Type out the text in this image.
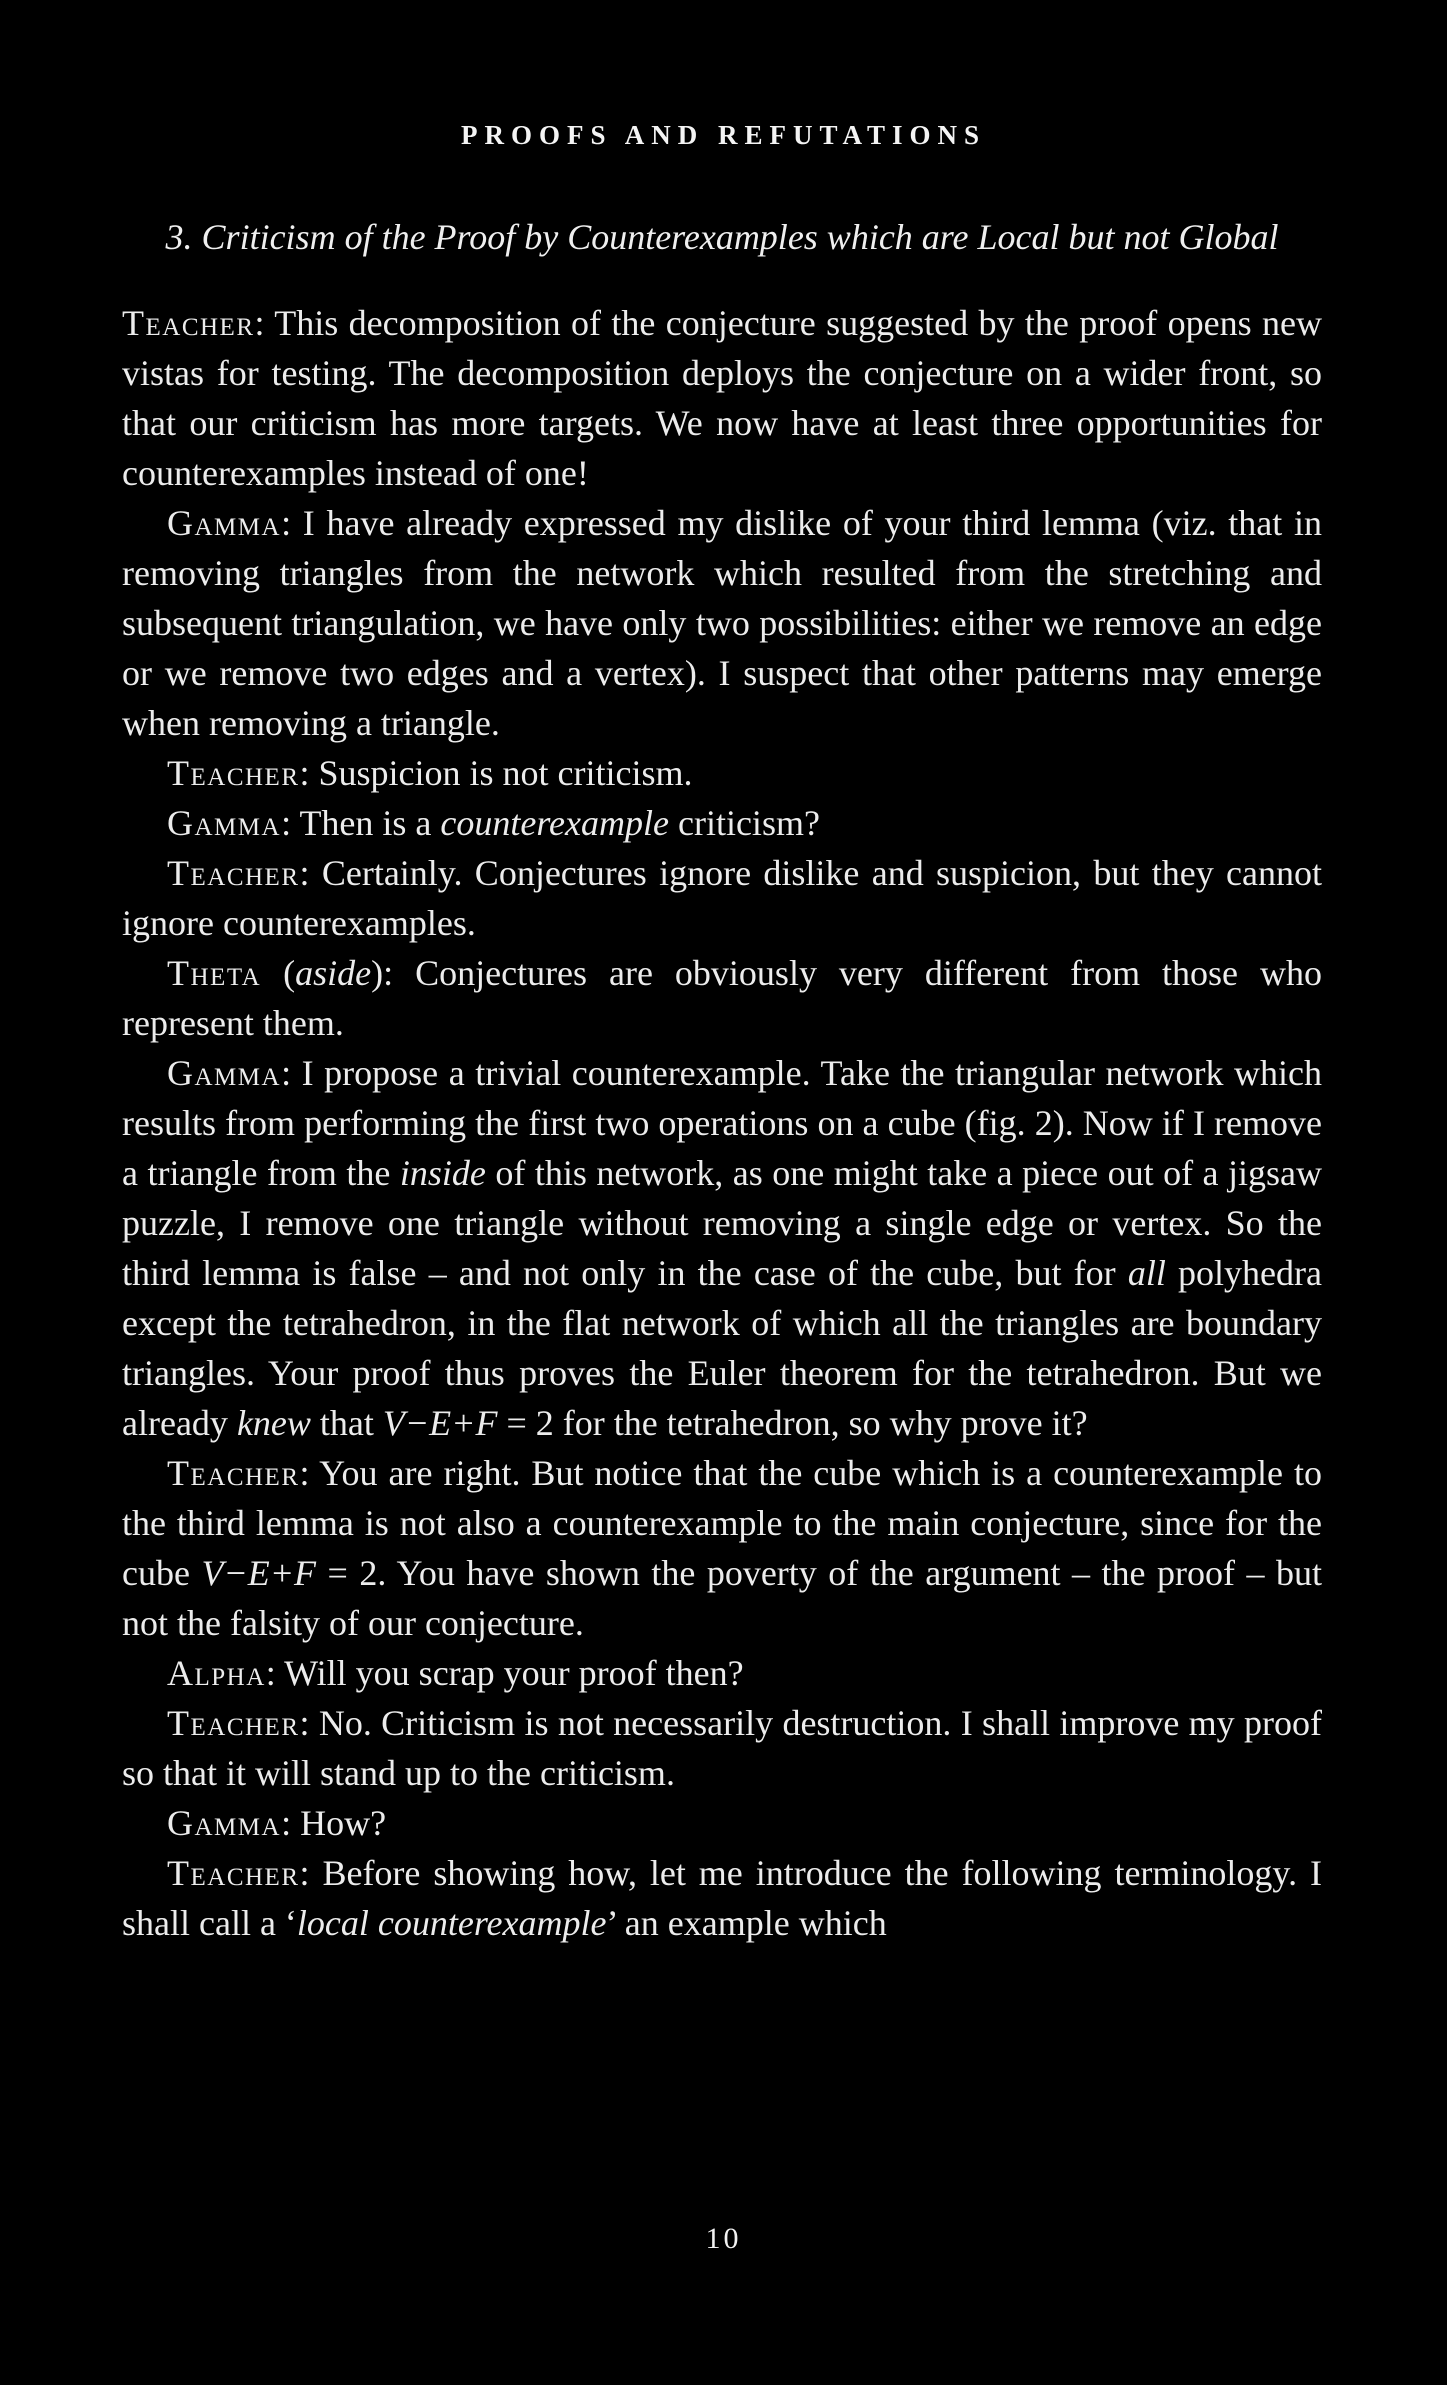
PROOFS AND REFUTATIONS
3. Criticism of the Proof by Counterexamples which are Local but not Global

Teacher: This decomposition of the conjecture suggested by the proof opens new vistas for testing. The decomposition deploys the conjecture on a wider front, so that our criticism has more targets. We now have at least three opportunities for counterexamples instead of one!

Gamma: I have already expressed my dislike of your third lemma (viz. that in removing triangles from the network which resulted from the stretching and subsequent triangulation, we have only two possibilities: either we remove an edge or we remove two edges and a vertex). I suspect that other patterns may emerge when removing a triangle.

Teacher: Suspicion is not criticism.

Gamma: Then is a counterexample criticism?

Teacher: Certainly. Conjectures ignore dislike and suspicion, but they cannot ignore counterexamples.

Theta (aside): Conjectures are obviously very different from those who represent them.

Gamma: I propose a trivial counterexample. Take the triangular network which results from performing the first two operations on a cube (fig. 2). Now if I remove a triangle from the inside of this network, as one might take a piece out of a jigsaw puzzle, I remove one triangle without removing a single edge or vertex. So the third lemma is false – and not only in the case of the cube, but for all polyhedra except the tetrahedron, in the flat network of which all the triangles are boundary triangles. Your proof thus proves the Euler theorem for the tetrahedron. But we already knew that V−E+F = 2 for the tetrahedron, so why prove it?

Teacher: You are right. But notice that the cube which is a counterexample to the third lemma is not also a counterexample to the main conjecture, since for the cube V−E+F = 2. You have shown the poverty of the argument – the proof – but not the falsity of our conjecture.

Alpha: Will you scrap your proof then?

Teacher: No. Criticism is not necessarily destruction. I shall improve my proof so that it will stand up to the criticism.

Gamma: How?

Teacher: Before showing how, let me introduce the following terminology. I shall call a ‘local counterexample’ an example which

10
